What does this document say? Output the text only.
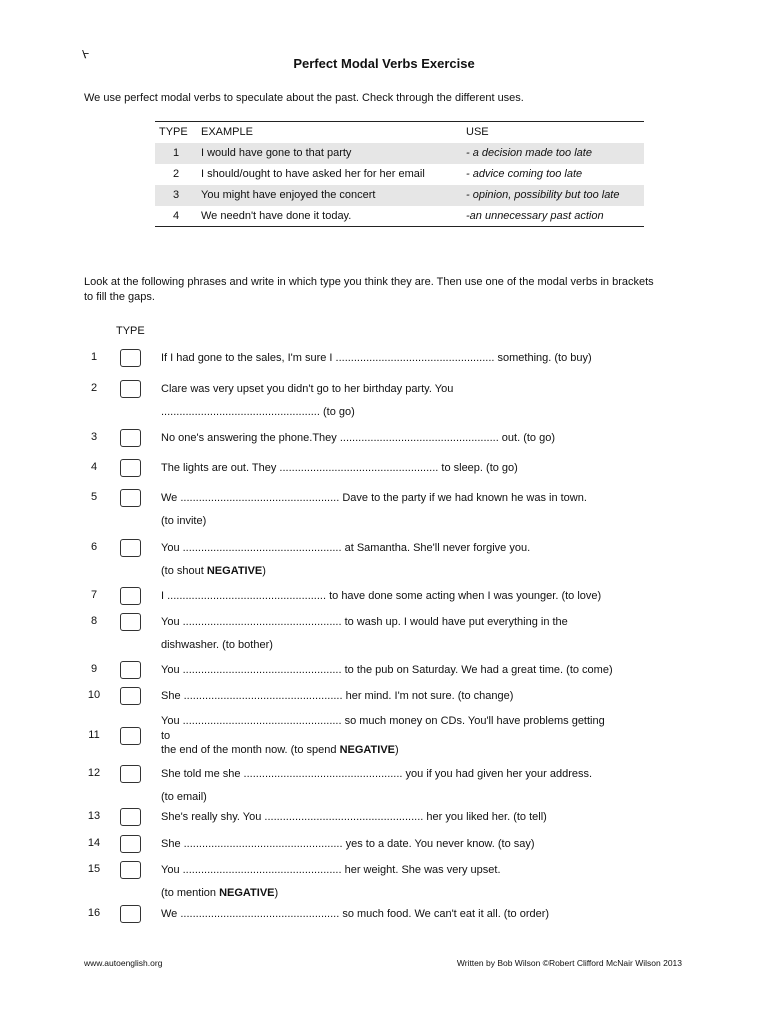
ᢣ
Perfect Modal Verbs Exercise
We use perfect modal verbs to speculate about the past. Check through the different uses.
TYPE	EXAMPLE	USE
1	I would have gone to that party	- a decision made too late
2	I should/ought to have asked her for her email	- advice coming too late
3	You might have enjoyed the concert	- opinion, possibility but too late
4	We needn't have done it today.	-an unnecessary past action
Look at the following phrases and write in which type you think they are. Then use one of the modal verbs in brackets to fill the gaps.
TYPE
1	If I had gone to the sales, I'm sure I .................................................... something. (to buy)
2	Clare was very upset you didn't go to her birthday party. You
.................................................... (to go)
3	No one's answering the phone.They .................................................... out. (to go)
4	The lights are out. They .................................................... to sleep. (to go)
5	We .................................................... Dave to the party if we had known he was in town.
(to invite)
6	You .................................................... at Samantha. She'll never forgive you.
(to shout NEGATIVE)
7	I .................................................... to have done some acting when I was younger. (to love)
8	You .................................................... to wash up. I would have put everything in the
dishwasher. (to bother)
9	You .................................................... to the pub on Saturday. We had a great time. (to come)
10	She .................................................... her mind. I'm not sure. (to change)
11
You .................................................... so much money on CDs. You'll have problems getting
to
the end of the month now. (to spend NEGATIVE)
12	She told me she .................................................... you if you had given her your address.
(to email)
13	She's really shy. You .................................................... her you liked her. (to tell)
14	She .................................................... yes to a date. You never know. (to say)
15	You .................................................... her weight. She was very upset.
(to mention NEGATIVE)
16	We .................................................... so much food. We can't eat it all. (to order)
www.autoenglish.org	Written by Bob Wilson ©Robert Clifford McNair Wilson 2013
